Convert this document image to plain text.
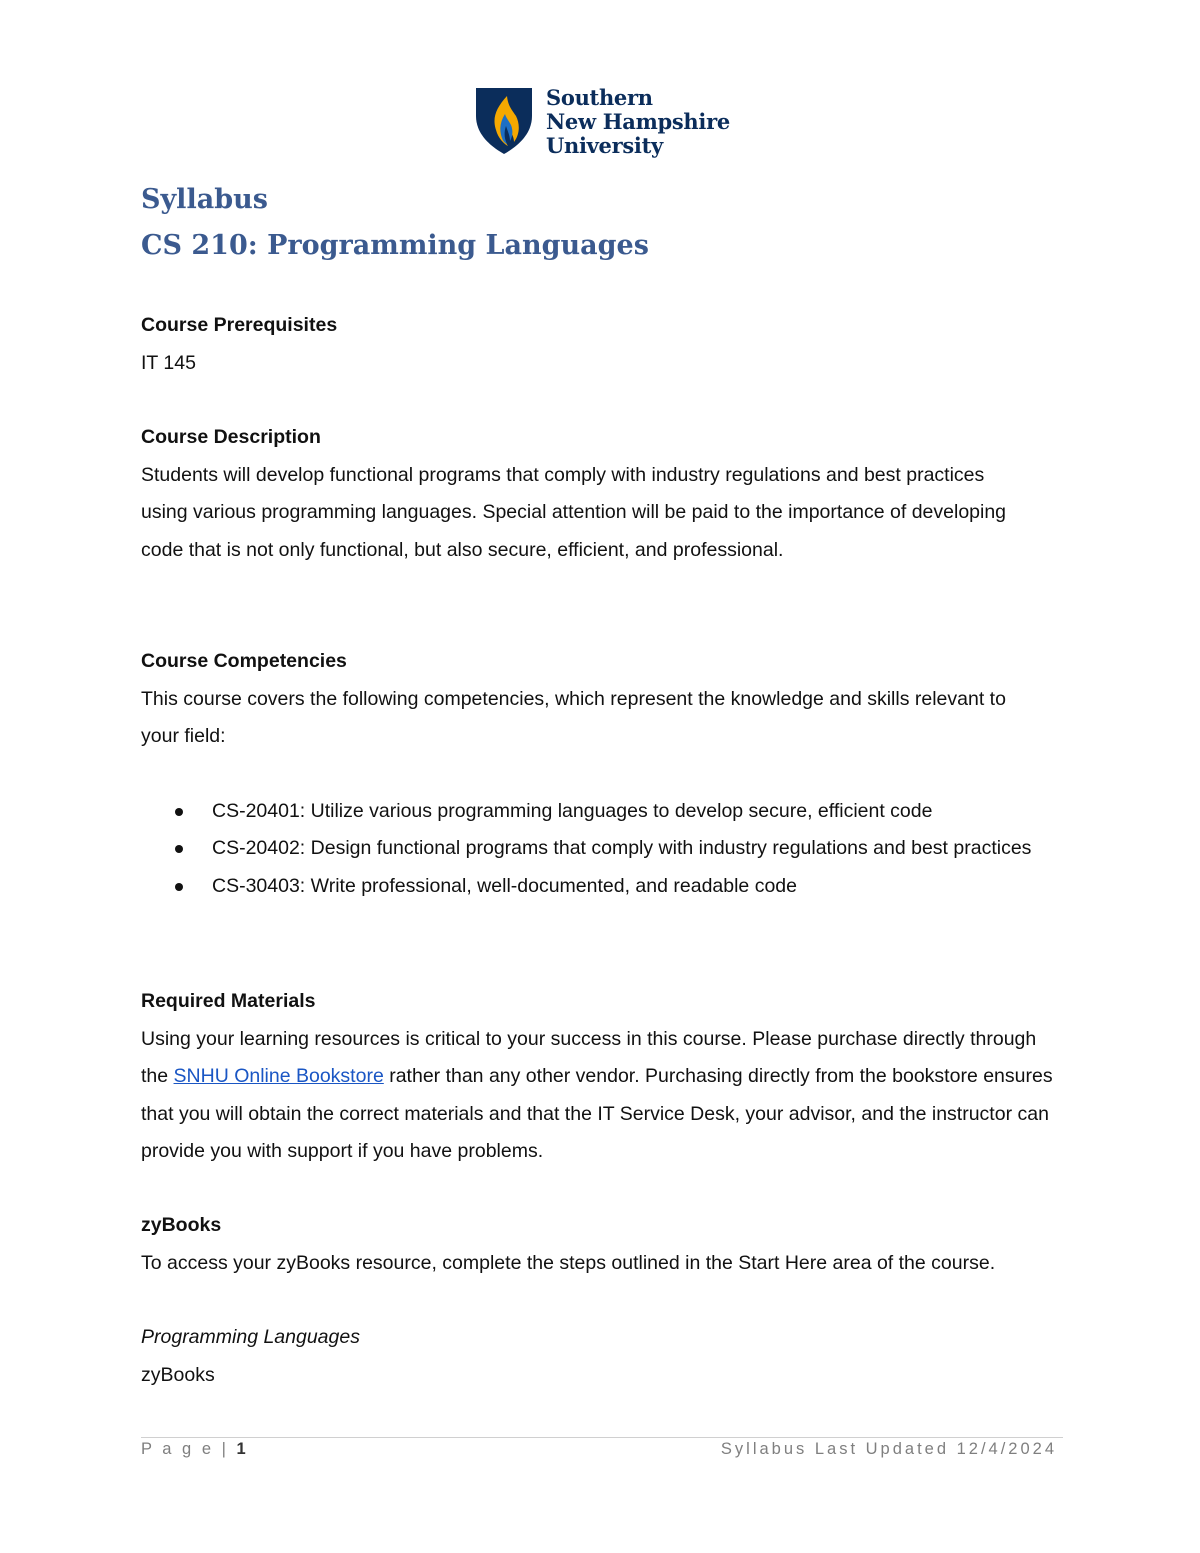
Southern
New Hampshire
University
Syllabus
CS 210: Programming Languages
Course Prerequisites
IT 145
Course Description
Students will develop functional programs that comply with industry regulations and best practices using various programming languages. Special attention will be paid to the importance of developing code that is not only functional, but also secure, efficient, and professional.
Course Competencies
This course covers the following competencies, which represent the knowledge and skills relevant to your field:
CS-20401: Utilize various programming languages to develop secure, efficient code
CS-20402: Design functional programs that comply with industry regulations and best practices
CS-30403: Write professional, well-documented, and readable code
Required Materials
Using your learning resources is critical to your success in this course. Please purchase directly through the SNHU Online Bookstore rather than any other vendor. Purchasing directly from the bookstore ensures that you will obtain the correct materials and that the IT Service Desk, your advisor, and the instructor can provide you with support if you have problems.
zyBooks
To access your zyBooks resource, complete the steps outlined in the Start Here area of the course.
Programming Languages
zyBooks
P a g e | 1	Syllabus Last Updated 12/4/2024
